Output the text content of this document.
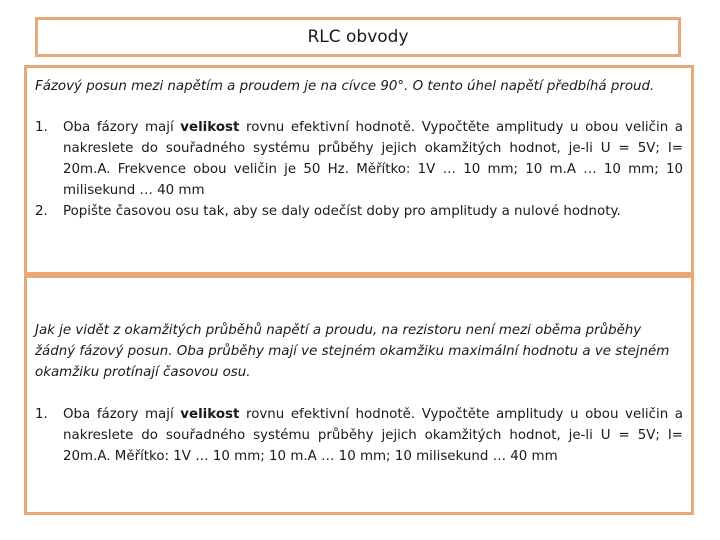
RLC obvody

Fázový posun mezi napětím a proudem je na cívce 90°. O tento úhel napětí předbíhá proud.

1. Oba fázory mají velikost rovnu efektivní hodnotě. Vypočtěte amplitudy u obou veličin a nakreslete do souřadného systému průběhy jejich okamžitých hodnot, je-li U = 5V; I= 20m.A. Frekvence obou veličin je 50 Hz. Měřítko: 1V … 10 mm; 10 m.A … 10 mm; 10 milisekund … 40 mm
2. Popište časovou osu tak, aby se daly odečíst doby pro amplitudy a nulové hodnoty.

Jak je vidět z okamžitých průběhů napětí a proudu, na rezistoru není mezi oběma průběhy žádný fázový posun. Oba průběhy mají ve stejném okamžiku maximální hodnotu a ve stejném okamžiku protínají časovou osu.

1. Oba fázory mají velikost rovnu efektivní hodnotě. Vypočtěte amplitudy u obou veličin a nakreslete do souřadného systému průběhy jejich okamžitých hodnot, je-li U = 5V; I= 20m.A. Měřítko: 1V … 10 mm; 10 m.A … 10 mm; 10 milisekund … 40 mm
